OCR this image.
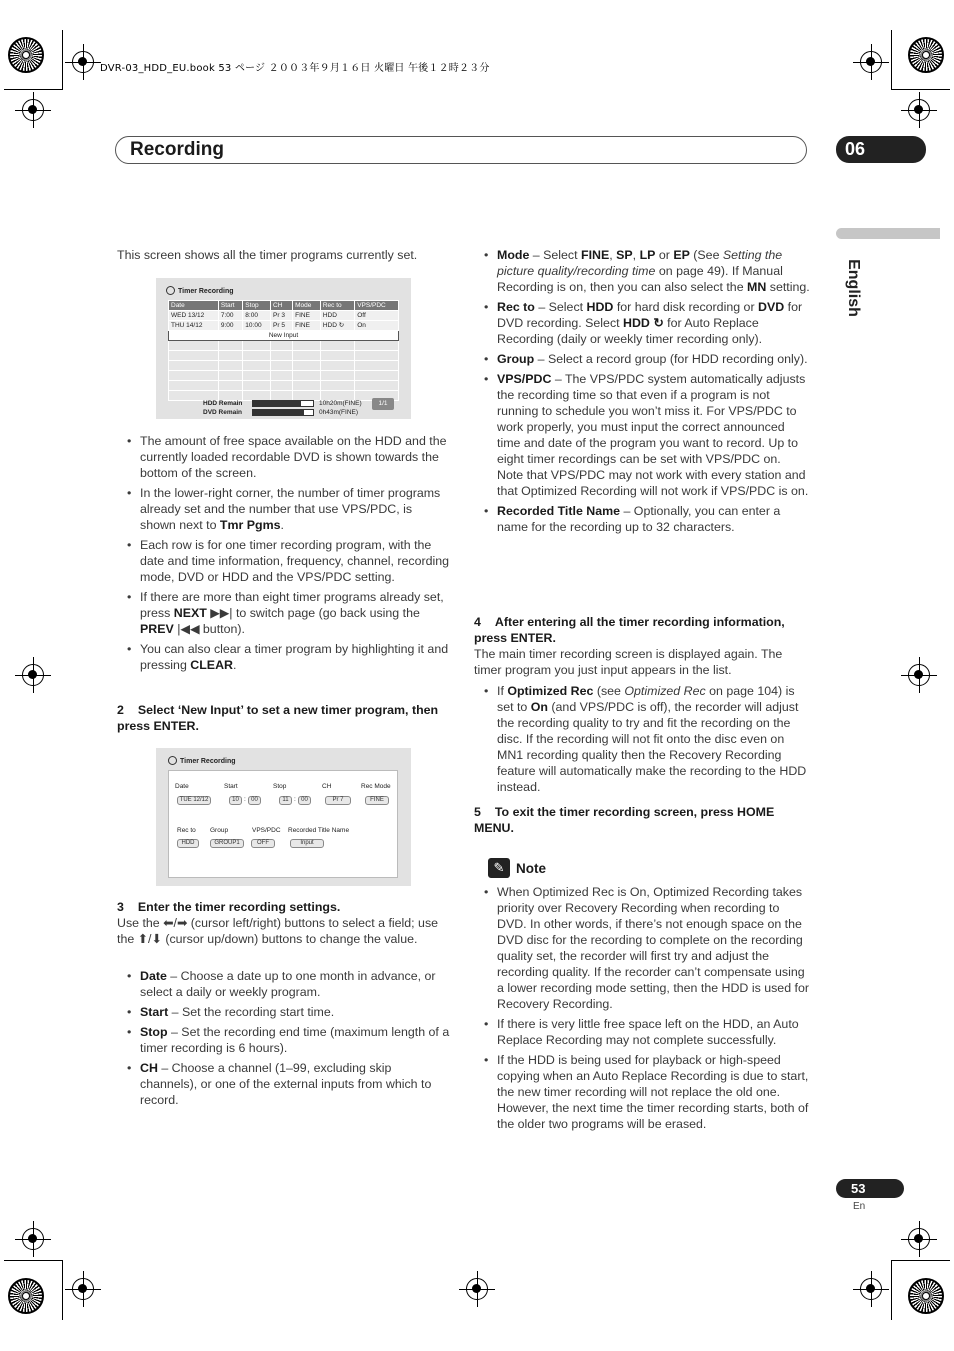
DVR-03_HDD_EU.book 53 ページ ２００３年９月１６日 火曜日 午後１２時２３分
Recording	06
English
This screen shows all the timer programs currently set.
Timer Recording
Date	Start	Stop	CH	Mode	Rec to	VPS/PDC
WED 13/12	7:00	8:00	Pr 3	FINE	HDD	Off
THU 14/12	9:00	10:00	Pr 5	FINE	HDD ↻	On
New Input						

HDD Remain
DVD Remain
10h20m(FINE)
0h43m(FINE)
1/1
• The amount of free space available on the HDD and the currently loaded recordable DVD is shown towards the bottom of the screen.
• In the lower-right corner, the number of timer programs already set and the number that use VPS/PDC, is shown next to Tmr Pgms.
• Each row is for one timer recording program, with the date and time information, frequency, channel, recording mode, DVD or HDD and the VPS/PDC setting.
• If there are more than eight timer programs already set, press NEXT ▶▶| to switch page (go back using the PREV |◀◀ button).
• You can also clear a timer program by highlighting it and pressing CLEAR.
2 Select ‘New Input’ to set a new timer program, then press ENTER.
Timer Recording
Date
TUE 12/12
Start
10 : 00
Stop
11 : 00
CH
Pr 7
Rec Mode
FINE
Rec to
HDD
Group
GROUP1
VPS/PDC
OFF
Recorded Title Name
Input
3 Enter the timer recording settings.
Use the ⬅/➡ (cursor left/right) buttons to select a field; use the ⬆/⬇ (cursor up/down) buttons to change the value.
• Date – Choose a date up to one month in advance, or select a daily or weekly program.
• Start – Set the recording start time.
• Stop – Set the recording end time (maximum length of a timer recording is 6 hours).
• CH – Choose a channel (1–99, excluding skip channels), or one of the external inputs from which to record.
• Mode – Select FINE, SP, LP or EP (See Setting the picture quality/recording time on page 49). If Manual Recording is on, then you can also select the MN setting.
• Rec to – Select HDD for hard disk recording or DVD for DVD recording. Select HDD ↻ for Auto Replace Recording (daily or weekly timer recording only).
• Group – Select a record group (for HDD recording only).
• VPS/PDC – The VPS/PDC system automatically adjusts the recording time so that even if a program is not running to schedule you won’t miss it. For VPS/PDC to work properly, you must input the correct announced time and date of the program you want to record. Up to eight timer recordings can be set with VPS/PDC on.
Note that VPS/PDC may not work with every station and that Optimized Recording will not work if VPS/PDC is on.
• Recorded Title Name – Optionally, you can enter a name for the recording up to 32 characters.
4 After entering all the timer recording information, press ENTER.
The main timer recording screen is displayed again. The timer program you just input appears in the list.
• If Optimized Rec (see Optimized Rec on page 104) is set to On (and VPS/PDC is off), the recorder will adjust the recording quality to try and fit the recording on the disc. If the recording will not fit onto the disc even on MN1 recording quality then the Recovery Recording feature will automatically make the recording to the HDD instead.
5 To exit the timer recording screen, press HOME MENU.
✎ Note
• When Optimized Rec is On, Optimized Recording takes priority over Recovery Recording when recording to DVD. In other words, if there’s not enough space on the DVD disc for the recording to complete on the recording quality set, the recorder will first try and adjust the recording quality. If the recorder can’t compensate using a lower recording mode setting, then the HDD is used for Recovery Recording.
• If there is very little free space left on the HDD, an Auto Replace Recording may not complete successfully.
• If the HDD is being used for playback or high-speed copying when an Auto Replace Recording is due to start, the new timer recording will not replace the old one. However, the next time the timer recording starts, both of the older two programs will be erased.
53
En
